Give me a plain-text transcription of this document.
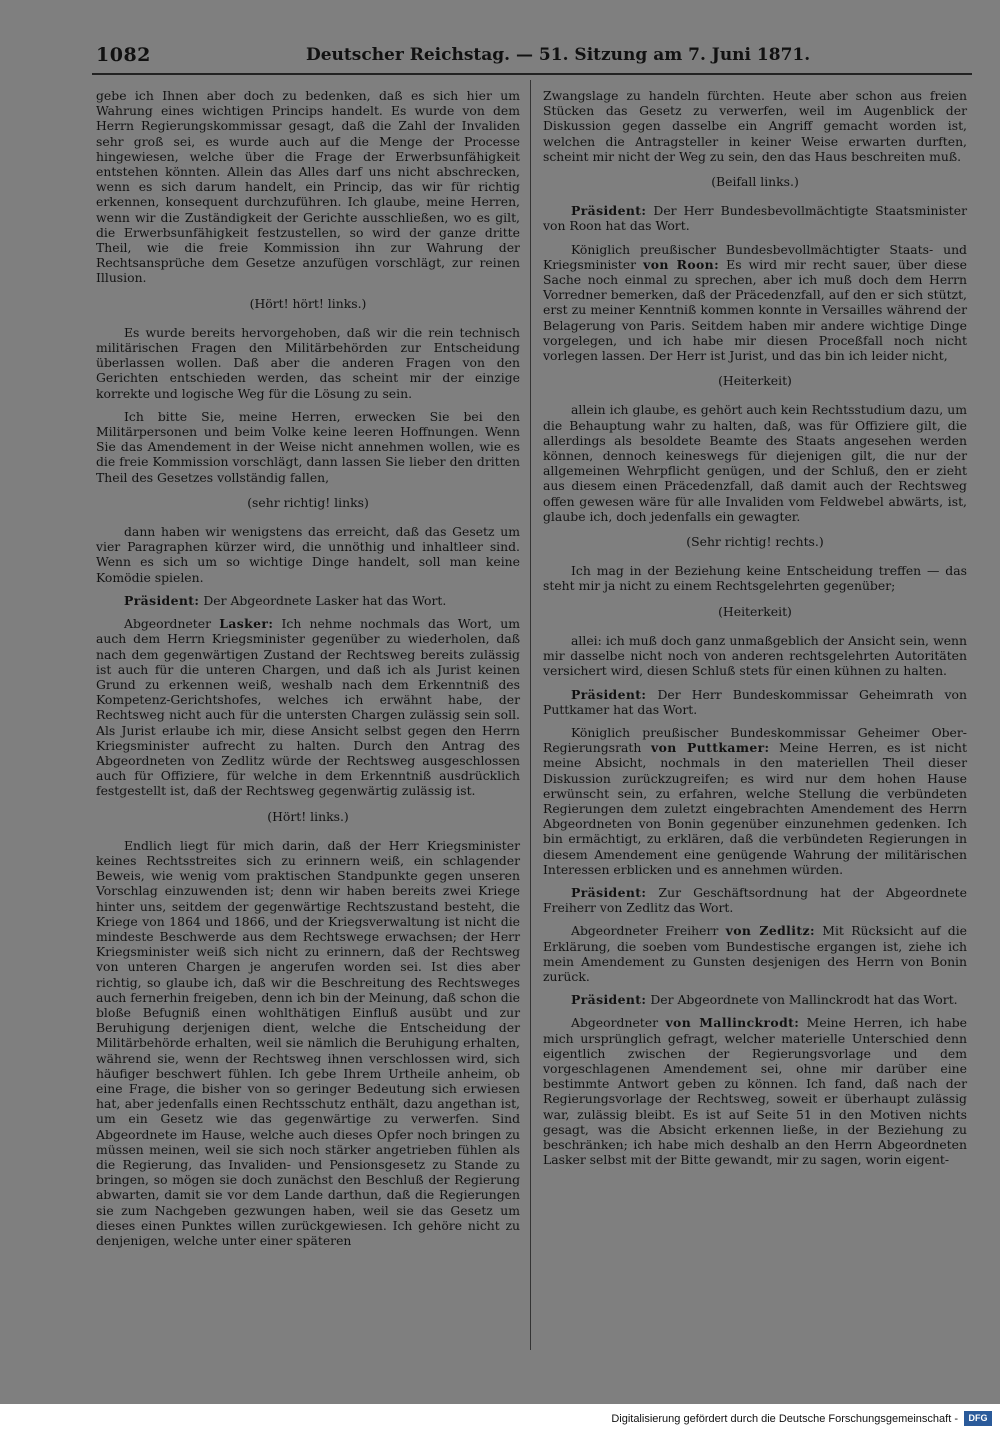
1082	Deutscher Reichstag. — 51. Sitzung am 7. Juni 1871.

gebe ich Ihnen aber doch zu bedenken, daß es sich hier um Wahrung eines wichtigen Princips handelt. Es wurde von dem Herrn Regierungskommissar gesagt, daß die Zahl der Invaliden sehr groß sei, es wurde auch auf die Menge der Processe hingewiesen, welche über die Frage der Erwerbsunfähigkeit entstehen könnten. Allein das Alles darf uns nicht abschrecken, wenn es sich darum handelt, ein Princip, das wir für richtig erkennen, konsequent durchzuführen. Ich glaube, meine Herren, wenn wir die Zuständigkeit der Gerichte ausschließen, wo es gilt, die Erwerbsunfähigkeit festzustellen, so wird der ganze dritte Theil, wie die freie Kommission ihn zur Wahrung der Rechtsansprüche dem Gesetze anzufügen vorschlägt, zur reinen Illusion.

(Hört! hört! links.)

Es wurde bereits hervorgehoben, daß wir die rein technisch militärischen Fragen den Militärbehörden zur Entscheidung überlassen wollen. Daß aber die anderen Fragen von den Gerichten entschieden werden, das scheint mir der einzige korrekte und logische Weg für die Lösung zu sein.

Ich bitte Sie, meine Herren, erwecken Sie bei den Militärpersonen und beim Volke keine leeren Hoffnungen. Wenn Sie das Amendement in der Weise nicht annehmen wollen, wie es die freie Kommission vorschlägt, dann lassen Sie lieber den dritten Theil des Gesetzes vollständig fallen,

(sehr richtig! links)

dann haben wir wenigstens das erreicht, daß das Gesetz um vier Paragraphen kürzer wird, die unnöthig und inhaltleer sind. Wenn es sich um so wichtige Dinge handelt, soll man keine Komödie spielen.

Präsident: Der Abgeordnete Lasker hat das Wort.

Abgeordneter Lasker: Ich nehme nochmals das Wort, um auch dem Herrn Kriegsminister gegenüber zu wiederholen, daß nach dem gegenwärtigen Zustand der Rechtsweg bereits zulässig ist auch für die unteren Chargen, und daß ich als Jurist keinen Grund zu erkennen weiß, weshalb nach dem Erkenntniß des Kompetenz-Gerichtshofes, welches ich erwähnt habe, der Rechtsweg nicht auch für die untersten Chargen zulässig sein soll. Als Jurist erlaube ich mir, diese Ansicht selbst gegen den Herrn Kriegsminister aufrecht zu halten. Durch den Antrag des Abgeordneten von Zedlitz würde der Rechtsweg ausgeschlossen auch für Offiziere, für welche in dem Erkenntniß ausdrücklich festgestellt ist, daß der Rechtsweg gegenwärtig zulässig ist.

(Hört! links.)

Endlich liegt für mich darin, daß der Herr Kriegsminister keines Rechtsstreites sich zu erinnern weiß, ein schlagender Beweis, wie wenig vom praktischen Standpunkte gegen unseren Vorschlag einzuwenden ist; denn wir haben bereits zwei Kriege hinter uns, seitdem der gegenwärtige Rechtszustand besteht, die Kriege von 1864 und 1866, und der Kriegsverwaltung ist nicht die mindeste Beschwerde aus dem Rechtswege erwachsen; der Herr Kriegsminister weiß sich nicht zu erinnern, daß der Rechtsweg von unteren Chargen je angerufen worden sei. Ist dies aber richtig, so glaube ich, daß wir die Beschreitung des Rechtsweges auch fernerhin freigeben, denn ich bin der Meinung, daß schon die bloße Befugniß einen wohlthätigen Einfluß ausübt und zur Beruhigung derjenigen dient, welche die Entscheidung der Militärbehörde erhalten, weil sie nämlich die Beruhigung erhalten, während sie, wenn der Rechtsweg ihnen verschlossen wird, sich häufiger beschwert fühlen. Ich gebe Ihrem Urtheile anheim, ob eine Frage, die bisher von so geringer Bedeutung sich erwiesen hat, aber jedenfalls einen Rechtsschutz enthält, dazu angethan ist, um ein Gesetz wie das gegenwärtige zu verwerfen. Sind Abgeordnete im Hause, welche auch dieses Opfer noch bringen zu müssen meinen, weil sie sich noch stärker angetrieben fühlen als die Regierung, das Invaliden- und Pensionsgesetz zu Stande zu bringen, so mögen sie doch zunächst den Beschluß der Regierung abwarten, damit sie vor dem Lande darthun, daß die Regierungen sie zum Nachgeben gezwungen haben, weil sie das Gesetz um dieses einen Punktes willen zurückgewiesen. Ich gehöre nicht zu denjenigen, welche unter einer späteren

Zwangslage zu handeln fürchten. Heute aber schon aus freien Stücken das Gesetz zu verwerfen, weil im Augenblick der Diskussion gegen dasselbe ein Angriff gemacht worden ist, welchen die Antragsteller in keiner Weise erwarten durften, scheint mir nicht der Weg zu sein, den das Haus beschreiten muß.

(Beifall links.)

Präsident: Der Herr Bundesbevollmächtigte Staatsminister von Roon hat das Wort.

Königlich preußischer Bundesbevollmächtigter Staats- und Kriegsminister von Roon: Es wird mir recht sauer, über diese Sache noch einmal zu sprechen, aber ich muß doch dem Herrn Vorredner bemerken, daß der Präcedenzfall, auf den er sich stützt, erst zu meiner Kenntniß kommen konnte in Versailles während der Belagerung von Paris. Seitdem haben mir andere wichtige Dinge vorgelegen, und ich habe mir diesen Proceßfall noch nicht vorlegen lassen. Der Herr ist Jurist, und das bin ich leider nicht,

(Heiterkeit)

allein ich glaube, es gehört auch kein Rechtsstudium dazu, um die Behauptung wahr zu halten, daß, was für Offiziere gilt, die allerdings als besoldete Beamte des Staats angesehen werden können, dennoch keineswegs für diejenigen gilt, die nur der allgemeinen Wehrpflicht genügen, und der Schluß, den er zieht aus diesem einen Präcedenzfall, daß damit auch der Rechtsweg offen gewesen wäre für alle Invaliden vom Feldwebel abwärts, ist, glaube ich, doch jedenfalls ein gewagter.

(Sehr richtig! rechts.)

Ich mag in der Beziehung keine Entscheidung treffen — das steht mir ja nicht zu einem Rechtsgelehrten gegenüber;

(Heiterkeit)

allei: ich muß doch ganz unmaßgeblich der Ansicht sein, wenn mir dasselbe nicht noch von anderen rechtsgelehrten Autoritäten versichert wird, diesen Schluß stets für einen kühnen zu halten.

Präsident: Der Herr Bundeskommissar Geheimrath von Puttkamer hat das Wort.

Königlich preußischer Bundeskommissar Geheimer Ober-Regierungsrath von Puttkamer: Meine Herren, es ist nicht meine Absicht, nochmals in den materiellen Theil dieser Diskussion zurückzugreifen; es wird nur dem hohen Hause erwünscht sein, zu erfahren, welche Stellung die verbündeten Regierungen dem zuletzt eingebrachten Amendement des Herrn Abgeordneten von Bonin gegenüber einzunehmen gedenken. Ich bin ermächtigt, zu erklären, daß die verbündeten Regierungen in diesem Amendement eine genügende Wahrung der militärischen Interessen erblicken und es annehmen würden.

Präsident: Zur Geschäftsordnung hat der Abgeordnete Freiherr von Zedlitz das Wort.

Abgeordneter Freiherr von Zedlitz: Mit Rücksicht auf die Erklärung, die soeben vom Bundestische ergangen ist, ziehe ich mein Amendement zu Gunsten desjenigen des Herrn von Bonin zurück.

Präsident: Der Abgeordnete von Mallinckrodt hat das Wort.

Abgeordneter von Mallinckrodt: Meine Herren, ich habe mich ursprünglich gefragt, welcher materielle Unterschied denn eigentlich zwischen der Regierungsvorlage und dem vorgeschlagenen Amendement sei, ohne mir darüber eine bestimmte Antwort geben zu können. Ich fand, daß nach der Regierungsvorlage der Rechtsweg, soweit er überhaupt zulässig war, zulässig bleibt. Es ist auf Seite 51 in den Motiven nichts gesagt, was die Absicht erkennen ließe, in der Beziehung zu beschränken; ich habe mich deshalb an den Herrn Abgeordneten Lasker selbst mit der Bitte gewandt, mir zu sagen, worin eigent-

Digitalisierung gefördert durch die Deutsche Forschungsgemeinschaft -	DFG
